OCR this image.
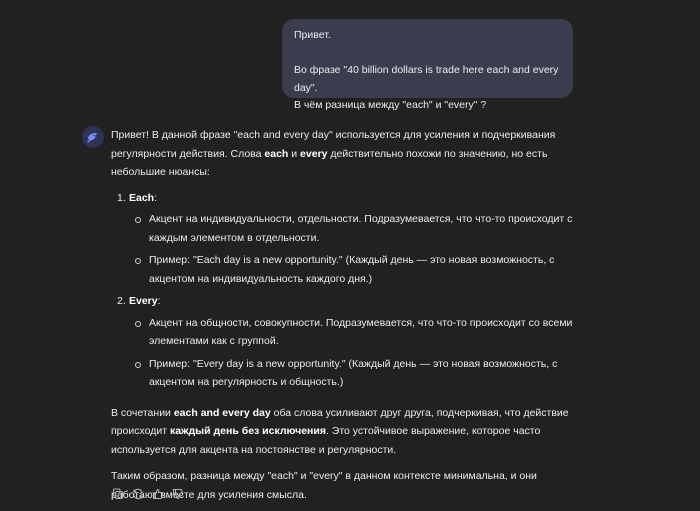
Привет.
Во фразе "40 billion dollars is trade here each and every day".
В чём разница между "each" и "every" ?

Привет! В данной фразе "each and every day" используется для усиления и подчеркивания регулярности действия. Слова each и every действительно похожи по значению, но есть небольшие нюансы:

1. Each:
Акцент на индивидуальности, отдельности. Подразумевается, что что-то происходит с каждым элементом в отдельности.
Пример: "Each day is a new opportunity." (Каждый день — это новая возможность, с акцентом на индивидуальность каждого дня.)
2. Every:
Акцент на общности, совокупности. Подразумевается, что что-то происходит со всеми элементами как с группой.
Пример: "Every day is a new opportunity." (Каждый день — это новая возможность, с акцентом на регулярность и общность.)

В сочетании each and every day оба слова усиливают друг друга, подчеркивая, что действие происходит каждый день без исключения. Это устойчивое выражение, которое часто используется для акцента на постоянстве и регулярности.

Таким образом, разница между "each" и "every" в данном контексте минимальна, и они работают вместе для усиления смысла.
